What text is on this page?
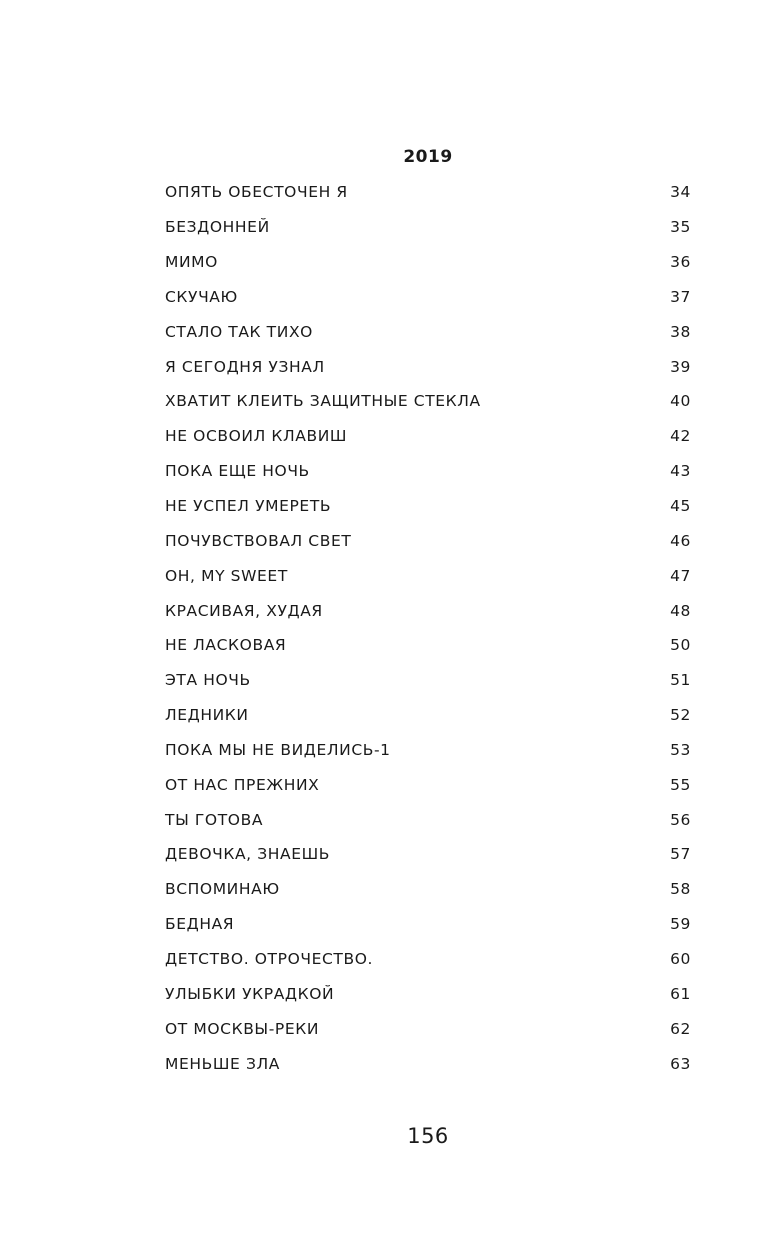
2019
ОПЯТЬ ОБЕСТОЧЕН Я	34
БЕЗДОННЕЙ	35
МИМО	36
СКУЧАЮ	37
СТАЛО ТАК ТИХО	38
Я СЕГОДНЯ УЗНАЛ	39
ХВАТИТ КЛЕИТЬ ЗАЩИТНЫЕ СТЕКЛА	40
НЕ ОСВОИЛ КЛАВИШ	42
ПОКА ЕЩЕ НОЧЬ	43
НЕ УСПЕЛ УМЕРЕТЬ	45
ПОЧУВСТВОВАЛ СВЕТ	46
OH, MY SWEET	47
КРАСИВАЯ, ХУДАЯ	48
НЕ ЛАСКОВАЯ	50
ЭТА НОЧЬ	51
ЛЕДНИКИ	52
ПОКА МЫ НЕ ВИДЕЛИСЬ-1	53
ОТ НАС ПРЕЖНИХ	55
ТЫ ГОТОВА	56
ДЕВОЧКА, ЗНАЕШЬ	57
ВСПОМИНАЮ	58
БЕДНАЯ	59
ДЕТСТВО. ОТРОЧЕСТВО.	60
УЛЫБКИ УКРАДКОЙ	61
ОТ МОСКВЫ-РЕКИ	62
МЕНЬШЕ ЗЛА	63
156
